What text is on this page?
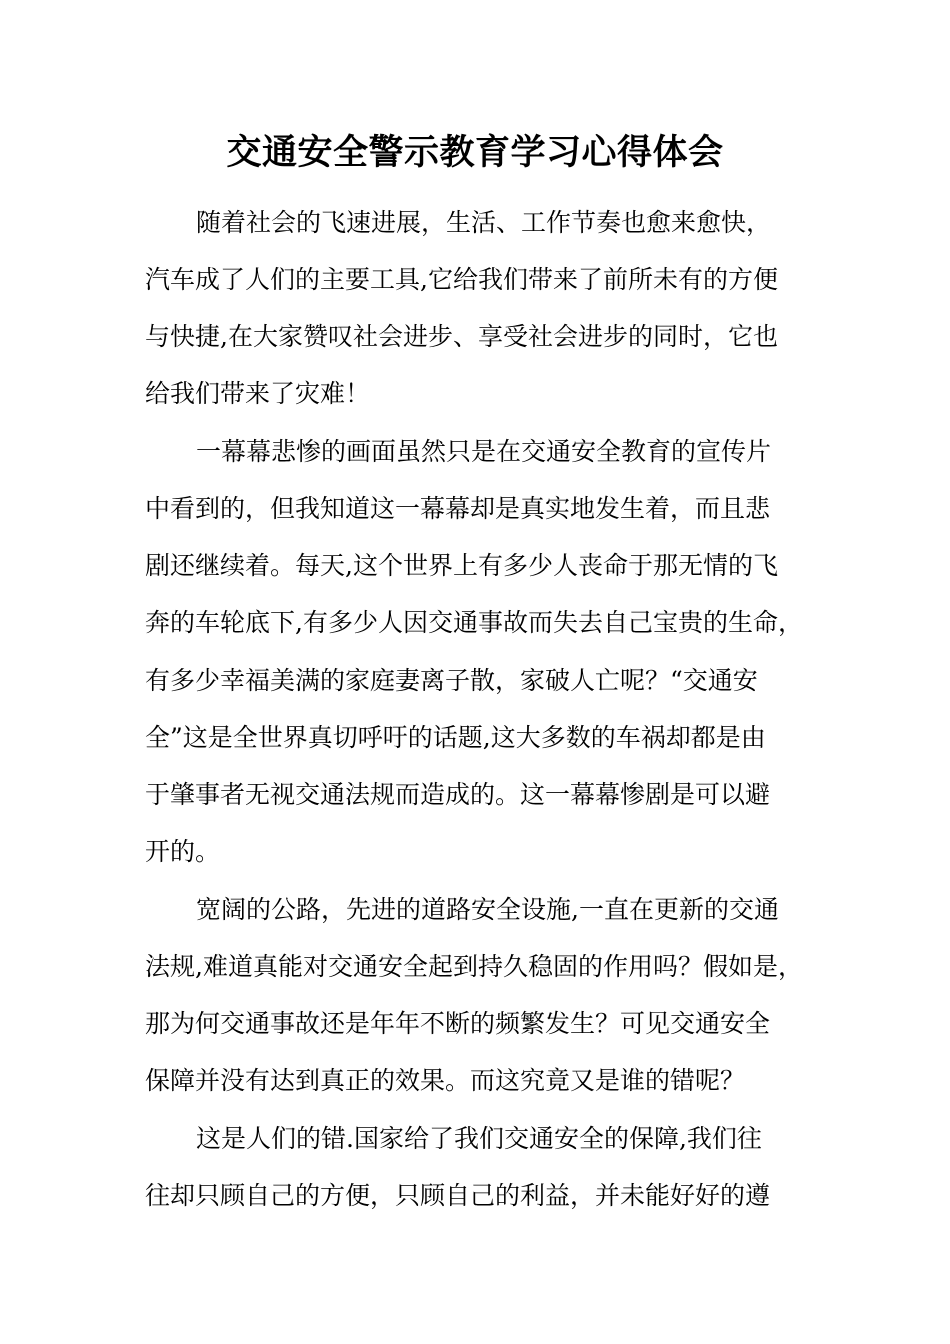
交通安全警示教育学习心得体会

随着社会的飞速进展，生活、工作节奏也愈来愈快，

汽车成了人们的主要工具,它给我们带来了前所未有的方便

与快捷,在大家赞叹社会进步、享受社会进步的同时，它也

给我们带来了灾难！

一幕幕悲惨的画面虽然只是在交通安全教育的宣传片

中看到的，但我知道这一幕幕却是真实地发生着，而且悲

剧还继续着。每天,这个世界上有多少人丧命于那无情的飞

奔的车轮底下,有多少人因交通事故而失去自己宝贵的生命，

有多少幸福美满的家庭妻离子散，家破人亡呢？“交通安

全”这是全世界真切呼吁的话题,这大多数的车祸却都是由

于肇事者无视交通法规而造成的。这一幕幕惨剧是可以避

开的。

宽阔的公路，先进的道路安全设施,一直在更新的交通

法规,难道真能对交通安全起到持久稳固的作用吗？假如是，

那为何交通事故还是年年不断的频繁发生？可见交通安全

保障并没有达到真正的效果。而这究竟又是谁的错呢？

这是人们的错.国家给了我们交通安全的保障,我们往

往却只顾自己的方便，只顾自己的利益，并未能好好的遵
